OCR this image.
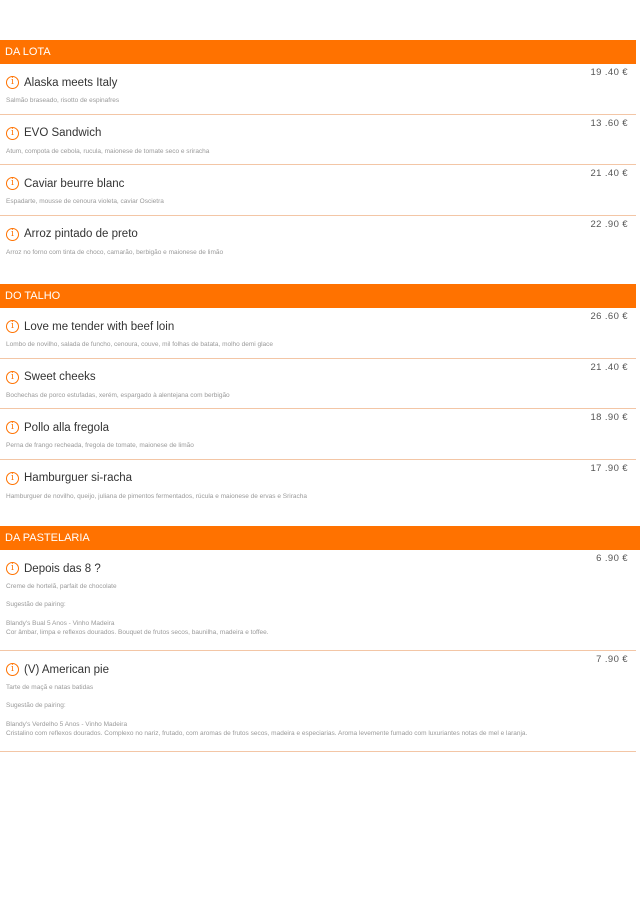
DA LOTA
19 .40 €
i Alaska meets Italy
Salmão braseado, risotto de espinafres
13 .60 €
i EVO Sandwich
Atum, compota de cebola, rucula, maionese de tomate seco e sriracha
21 .40 €
i Caviar beurre blanc
Espadarte, mousse de cenoura violeta, caviar Oscietra
22 .90 €
i Arroz pintado de preto
Arroz no forno com tinta de choco, camarão, berbigão e maionese de limão
DO TALHO
26 .60 €
i Love me tender with beef loin
Lombo de novilho, salada de funcho, cenoura, couve, mil folhas de batata, molho demi glace
21 .40 €
i Sweet cheeks
Bochechas de porco estufadas, xerém, espargado à alentejana com berbigão
18 .90 €
i Pollo alla fregola
Perna de frango recheada, fregola de tomate, maionese de limão
17 .90 €
i Hamburguer si-racha
Hamburguer de novilho, queijo, juliana de pimentos fermentados, rúcula e maionese de ervas e Sriracha
DA PASTELARIA
6 .90 €
i Depois das 8 ?
Creme de hortelã, parfait de chocolate
Sugestão de pairing:
Blandy's Bual 5 Anos - Vinho Madeira
Cor âmbar, limpa e reflexos dourados. Bouquet de frutos secos, baunilha, madeira e toffee.
7 .90 €
i (V) American pie
Tarte de maçã e natas batidas
Sugestão de pairing:
Blandy's Verdelho 5 Anos - Vinho Madeira
Cristalino com reflexos dourados. Complexo no nariz, frutado, com aromas de frutos secos, madeira e especiarias. Aroma levemente fumado com luxuriantes notas de mel e laranja.
